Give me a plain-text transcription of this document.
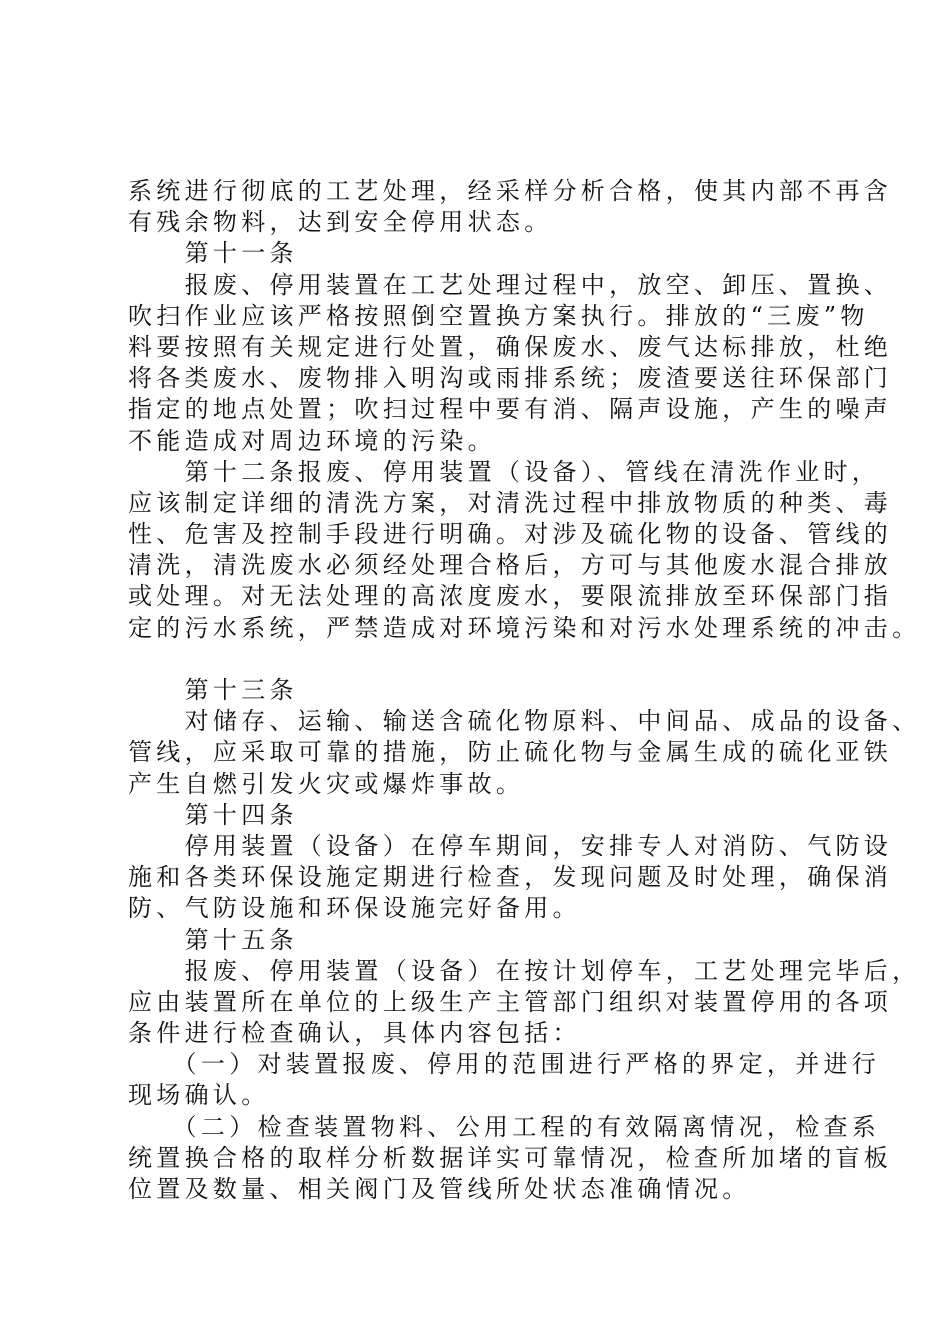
系统进行彻底的工艺处理，经采样分析合格，使其内部不再含
有残余物料，达到安全停用状态。
　　第十一条
　　报废、停用装置在工艺处理过程中，放空、卸压、置换、
吹扫作业应该严格按照倒空置换方案执行。排放的“三废”物
料要按照有关规定进行处置，确保废水、废气达标排放，杜绝
将各类废水、废物排入明沟或雨排系统；废渣要送往环保部门
指定的地点处置；吹扫过程中要有消、隔声设施，产生的噪声
不能造成对周边环境的污染。
　　第十二条报废、停用装置（设备）、管线在清洗作业时，
应该制定详细的清洗方案，对清洗过程中排放物质的种类、毒
性、危害及控制手段进行明确。对涉及硫化物的设备、管线的
清洗，清洗废水必须经处理合格后，方可与其他废水混合排放
或处理。对无法处理的高浓度废水，要限流排放至环保部门指
定的污水系统，严禁造成对环境污染和对污水处理系统的冲击。
　　第十三条
　　对储存、运输、输送含硫化物原料、中间品、成品的设备、
管线，应采取可靠的措施，防止硫化物与金属生成的硫化亚铁
产生自燃引发火灾或爆炸事故。
　　第十四条
　　停用装置（设备）在停车期间，安排专人对消防、气防设
施和各类环保设施定期进行检查，发现问题及时处理，确保消
防、气防设施和环保设施完好备用。
　　第十五条
　　报废、停用装置（设备）在按计划停车，工艺处理完毕后，
应由装置所在单位的上级生产主管部门组织对装置停用的各项
条件进行检查确认，具体内容包括：
　　（一）对装置报废、停用的范围进行严格的界定，并进行
现场确认。
　　（二）检查装置物料、公用工程的有效隔离情况，检查系
统置换合格的取样分析数据详实可靠情况，检查所加堵的盲板
位置及数量、相关阀门及管线所处状态准确情况。
